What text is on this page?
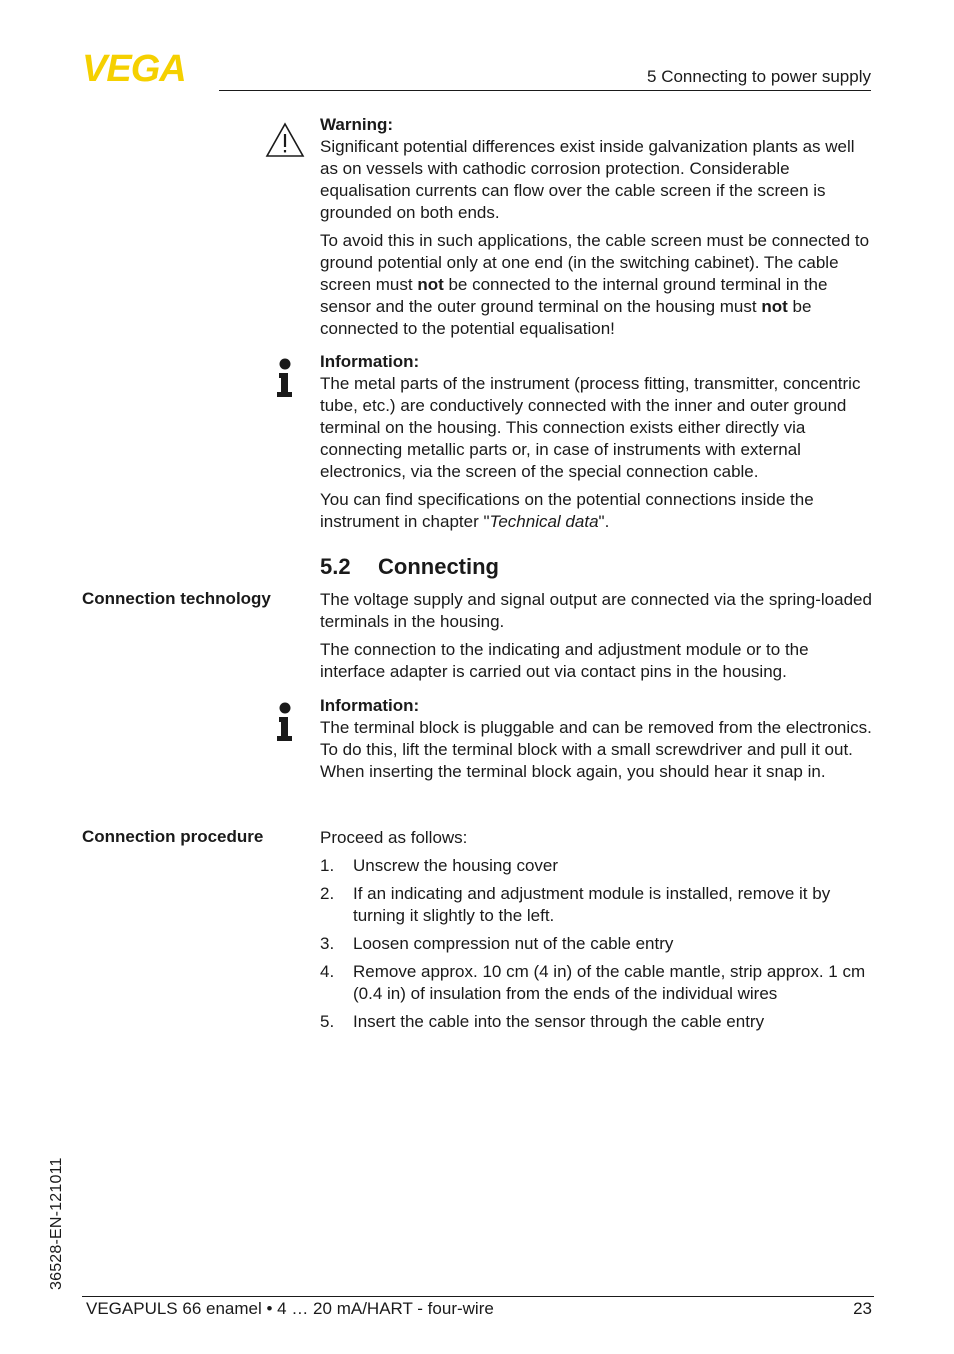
VEGA	5 Connecting to power supply
Warning:

Significant potential differences exist inside galvanization plants as well as on vessels with cathodic corrosion protection. Considerable equalisation currents can flow over the cable screen if the screen is grounded on both ends.

To avoid this in such applications, the cable screen must be connected to ground potential only at one end (in the switching cabinet). The cable screen must not be connected to the internal ground terminal in the sensor and the outer ground terminal on the housing must not be connected to the potential equalisation!

Information:

The metal parts of the instrument (process fitting, transmitter, concentric tube, etc.) are conductively connected with the inner and outer ground terminal on the housing. This connection exists either directly via connecting metallic parts or, in case of instruments with external electronics, via the screen of the special connection cable.

You can find specifications on the potential connections inside the instrument in chapter "Technical data".

5.2 Connecting
Connection technology	The voltage supply and signal output are connected via the spring-loaded terminals in the housing.

The connection to the indicating and adjustment module or to the interface adapter is carried out via contact pins in the housing.

Information:

The terminal block is pluggable and can be removed from the electronics. To do this, lift the terminal block with a small screwdriver and pull it out. When inserting the terminal block again, you should hear it snap in.

Connection procedure	Proceed as follows:

1. Unscrew the housing cover
2. If an indicating and adjustment module is installed, remove it by turning it slightly to the left.
3. Loosen compression nut of the cable entry
4. Remove approx. 10 cm (4 in) of the cable mantle, strip approx. 1 cm (0.4 in) of insulation from the ends of the individual wires
5. Insert the cable into the sensor through the cable entry
36528-EN-121011
VEGAPULS 66 enamel • 4 … 20 mA/HART - four-wire	23
